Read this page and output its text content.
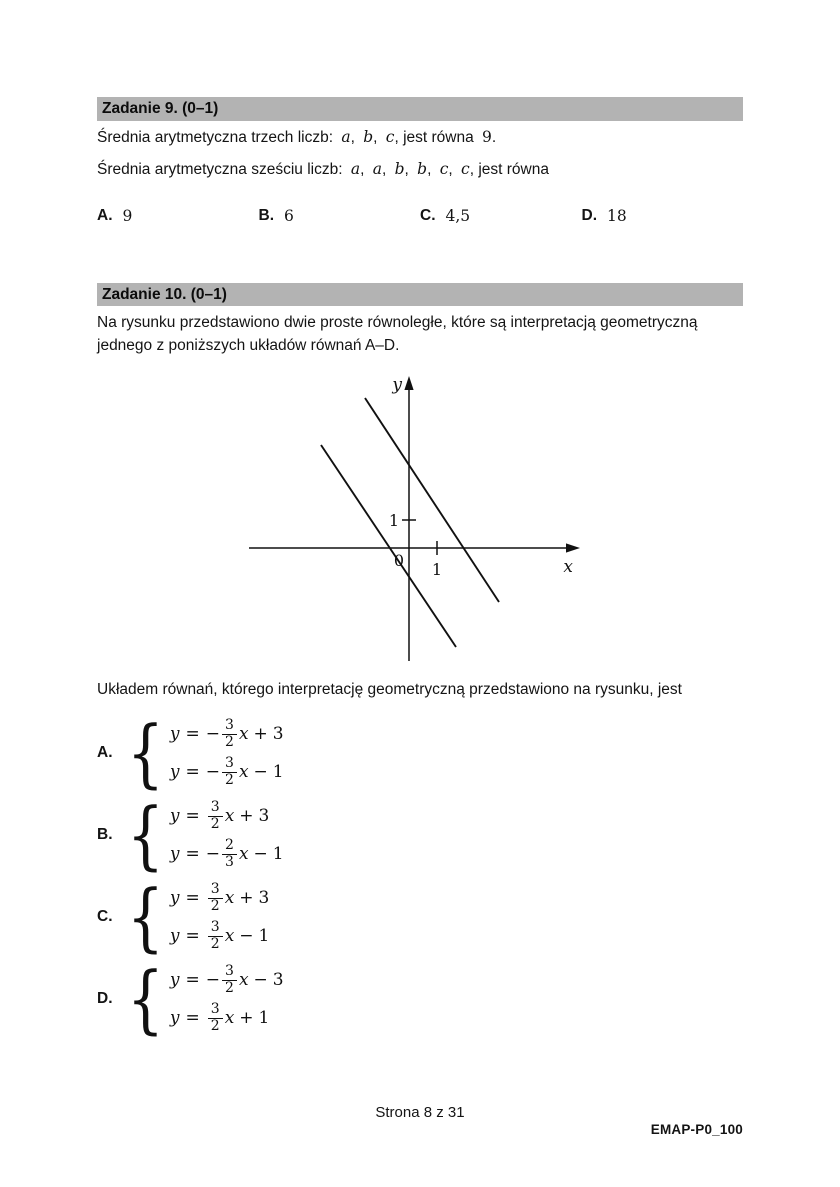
Zadanie 9. (0–1)
Średnia arytmetyczna trzech liczb: a, b, c, jest równa 9.
Średnia arytmetyczna sześciu liczb: a, a, b, b, c, c, jest równa
A. 9	B. 6	C. 4,5	D. 18
Zadanie 10. (0–1)
Na rysunku przedstawiono dwie proste równoległe, które są interpretacją geometryczną
jednego z poniższych układów równań A–D.
y
x
1
1
0
Układem równań, którego interpretację geometryczną przedstawiono na rysunku, jest
A. { y = − $\frac{3}{2}$ x + 3
y = − $\frac{3}{2}$ x − 1
B. { $y = \frac{3}{2}$ x + 3
y = − $\frac{2}{3}$ x − 1
C. { $y = \frac{3}{2}$ x + 3
$y = \frac{3}{2}$ x − 1
D. { y = − $\frac{3}{2}$ x − 3
$y = \frac{3}{2}$ x + 1
Strona 8 z 31
EMAP-P0_100
